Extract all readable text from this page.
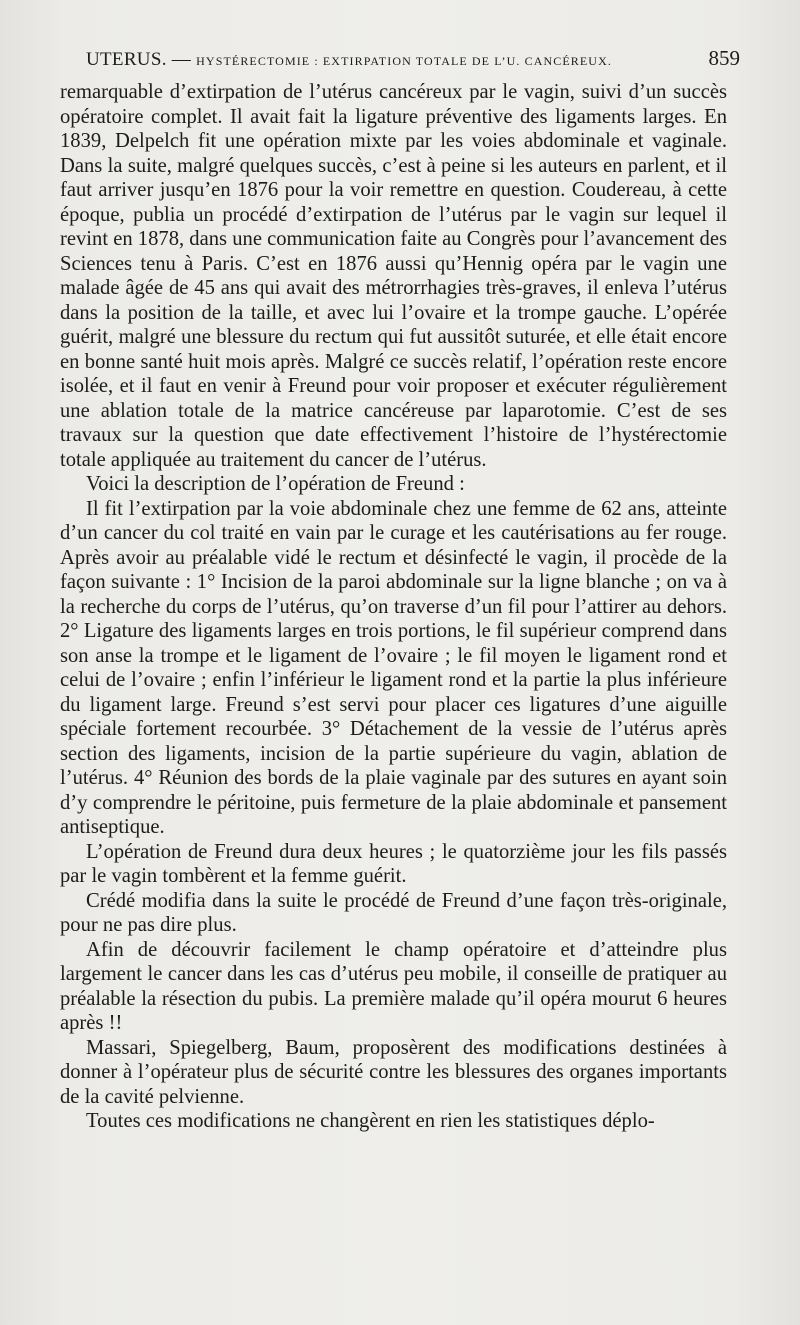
UTERUS. — HYSTÉRECTOMIE : EXTIRPATION TOTALE DE L’U. CANCÉREUX.	859

remarquable d’extirpation de l’utérus cancéreux par le vagin, suivi d’un succès opératoire complet. Il avait fait la ligature préventive des ligaments larges. En 1839, Delpelch fit une opération mixte par les voies abdominale et vaginale. Dans la suite, malgré quelques succès, c’est à peine si les auteurs en parlent, et il faut arriver jusqu’en 1876 pour la voir remettre en question. Coudereau, à cette époque, publia un procédé d’extirpation de l’utérus par le vagin sur lequel il revint en 1878, dans une communication faite au Congrès pour l’avancement des Sciences tenu à Paris. C’est en 1876 aussi qu’Hennig opéra par le vagin une malade âgée de 45 ans qui avait des métrorrhagies très-graves, il enleva l’utérus dans la position de la taille, et avec lui l’ovaire et la trompe gauche. L’opérée guérit, malgré une blessure du rectum qui fut aussitôt suturée, et elle était encore en bonne santé huit mois après. Malgré ce succès relatif, l’opération reste encore isolée, et il faut en venir à Freund pour voir proposer et exécuter régulièrement une ablation totale de la matrice cancéreuse par laparotomie. C’est de ses travaux sur la question que date effectivement l’histoire de l’hystérectomie totale appliquée au traitement du cancer de l’utérus.

Voici la description de l’opération de Freund :

Il fit l’extirpation par la voie abdominale chez une femme de 62 ans, atteinte d’un cancer du col traité en vain par le curage et les cautérisations au fer rouge. Après avoir au préalable vidé le rectum et désinfecté le vagin, il procède de la façon suivante : 1° Incision de la paroi abdominale sur la ligne blanche ; on va à la recherche du corps de l’utérus, qu’on traverse d’un fil pour l’attirer au dehors. 2° Ligature des ligaments larges en trois portions, le fil supérieur comprend dans son anse la trompe et le ligament de l’ovaire ; le fil moyen le ligament rond et celui de l’ovaire ; enfin l’inférieur le ligament rond et la partie la plus inférieure du ligament large. Freund s’est servi pour placer ces ligatures d’une aiguille spéciale fortement recourbée. 3° Détachement de la vessie de l’utérus après section des ligaments, incision de la partie supérieure du vagin, ablation de l’utérus. 4° Réunion des bords de la plaie vaginale par des sutures en ayant soin d’y comprendre le péritoine, puis fermeture de la plaie abdominale et pansement antiseptique.

L’opération de Freund dura deux heures ; le quatorzième jour les fils passés par le vagin tombèrent et la femme guérit.

Crédé modifia dans la suite le procédé de Freund d’une façon très-originale, pour ne pas dire plus.

Afin de découvrir facilement le champ opératoire et d’atteindre plus largement le cancer dans les cas d’utérus peu mobile, il conseille de pratiquer au préalable la résection du pubis. La première malade qu’il opéra mourut 6 heures après !!

Massari, Spiegelberg, Baum, proposèrent des modifications destinées à donner à l’opérateur plus de sécurité contre les blessures des organes importants de la cavité pelvienne.

Toutes ces modifications ne changèrent en rien les statistiques déplo-
